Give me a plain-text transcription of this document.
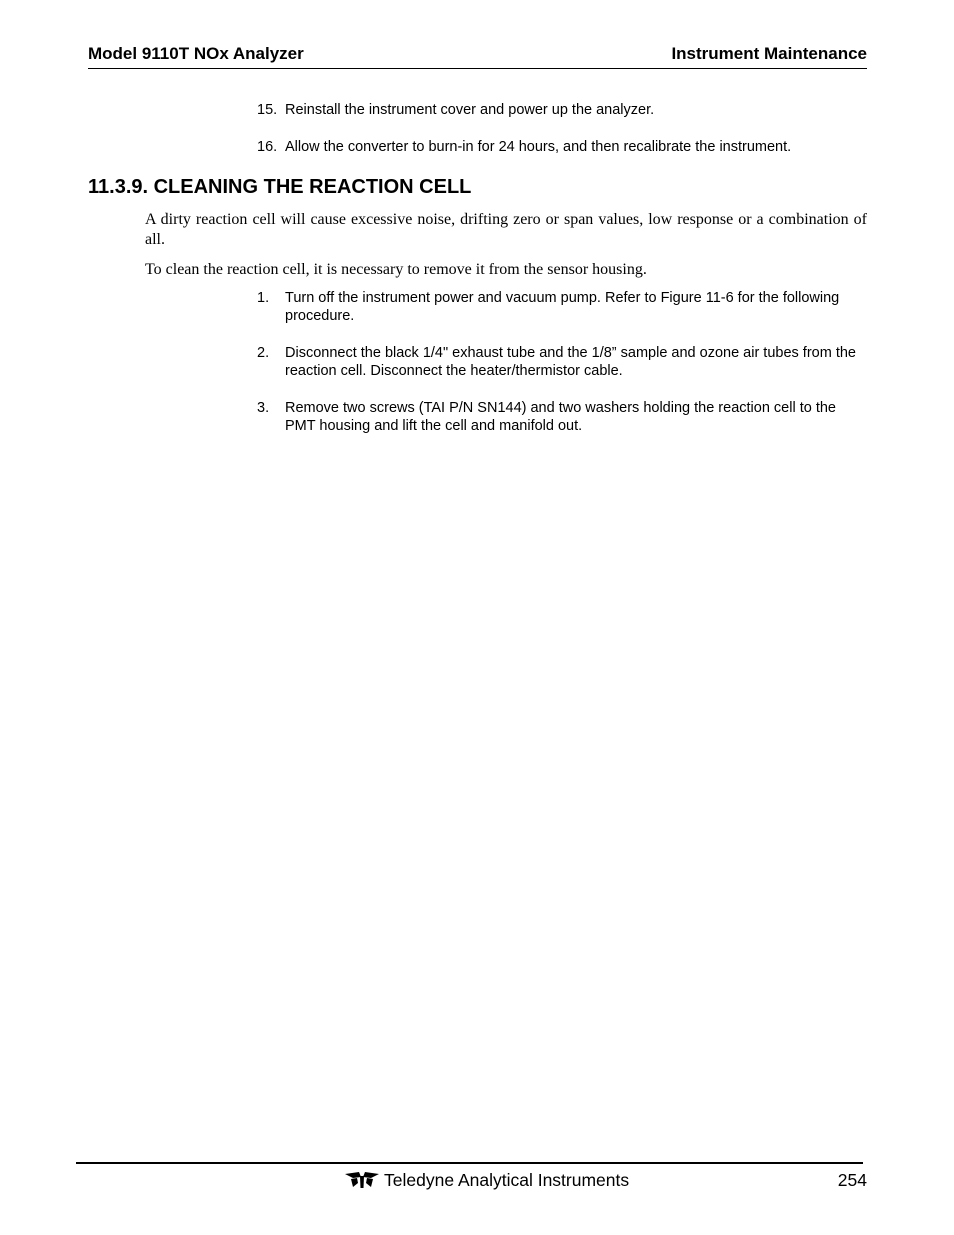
Model 9110T NOx Analyzer	Instrument Maintenance
15. Reinstall the instrument cover and power up the analyzer.
16. Allow the converter to burn-in for 24 hours, and then recalibrate the instrument.
11.3.9. CLEANING THE REACTION CELL
A dirty reaction cell will cause excessive noise, drifting zero or span values, low response or a combination of all.
To clean the reaction cell, it is necessary to remove it from the sensor housing.
1. Turn off the instrument power and vacuum pump. Refer to Figure 11-6 for the following procedure.
2. Disconnect the black 1/4" exhaust tube and the 1/8” sample and ozone air tubes from the reaction cell. Disconnect the heater/thermistor cable.
3. Remove two screws (TAI P/N SN144) and two washers holding the reaction cell to the PMT housing and lift the cell and manifold out.
Teledyne Analytical Instruments	254
